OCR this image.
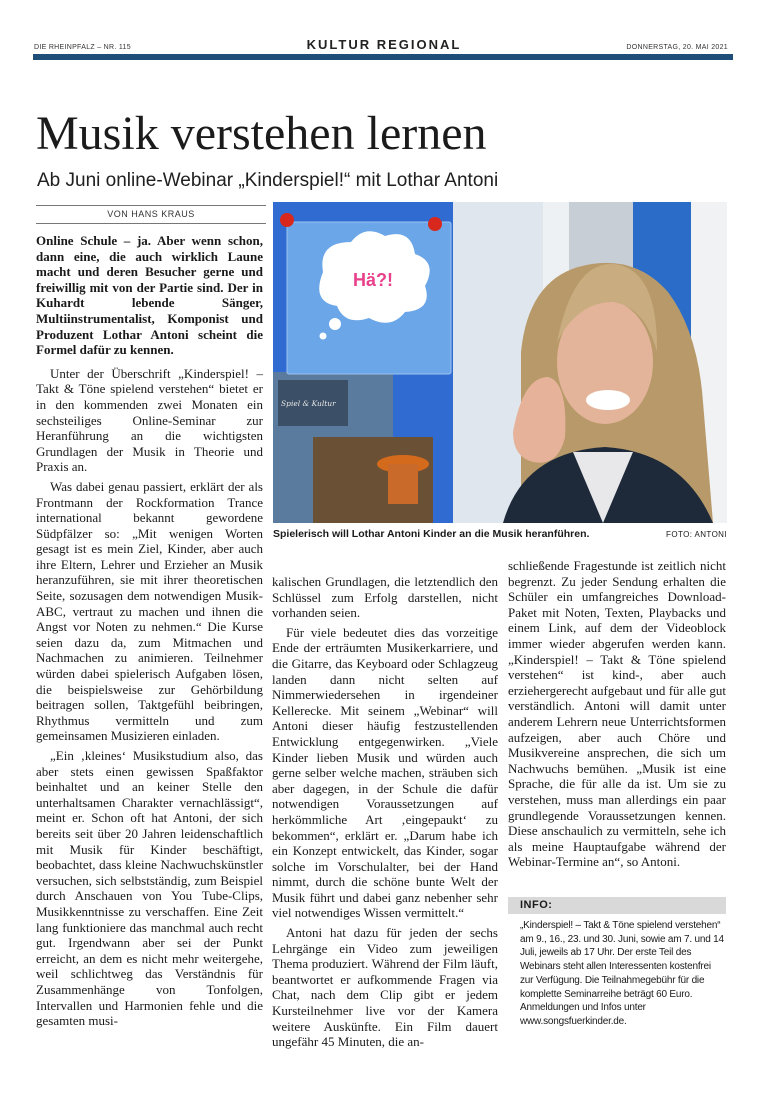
DIE RHEINPFALZ – NR. 115	KULTUR REGIONAL	DONNERSTAG, 20. MAI 2021
Musik verstehen lernen
Ab Juni online-Webinar „Kinderspiel!“ mit Lothar Antoni
VON HANS KRAUS

Online Schule – ja. Aber wenn schon, dann eine, die auch wirklich Laune macht und deren Besucher gerne und freiwillig mit von der Partie sind. Der in Kuhardt lebende Sänger, Multiinstrumentalist, Komponist und Produzent Lothar Antoni scheint die Formel dafür zu kennen.

Unter der Überschrift „Kinderspiel! – Takt & Töne spielend verstehen“ bietet er in den kommenden zwei Monaten ein sechsteiliges Online-Seminar zur Heranführung an die wichtigsten Grundlagen der Musik in Theorie und Praxis an.

Was dabei genau passiert, erklärt der als Frontmann der Rockformation Trance international bekannt gewordene Südpfälzer so: „Mit wenigen Worten gesagt ist es mein Ziel, Kinder, aber auch ihre Eltern, Lehrer und Erzieher an Musik heranzuführen, sie mit ihrer theoretischen Seite, sozusagen dem notwendigen Musik-ABC, vertraut zu machen und ihnen die Angst vor Noten zu nehmen.“ Die Kurse seien dazu da, zum Mitmachen und Nachmachen zu animieren. Teilnehmer würden dabei spielerisch Aufgaben lösen, die beispielsweise zur Gehörbildung beitragen sollen, Taktgefühl beibringen, Rhythmus vermitteln und zum gemeinsamen Musizieren einladen.

„Ein ‚kleines‘ Musikstudium also, das aber stets einen gewissen Spaßfaktor beinhaltet und an keiner Stelle den unterhaltsamen Charakter vernachlässigt“, meint er. Schon oft hat Antoni, der sich bereits seit über 20 Jahren leidenschaftlich mit Musik für Kinder beschäftigt, beobachtet, dass kleine Nachwuchskünstler versuchen, sich selbstständig, zum Beispiel durch Anschauen von You Tube-Clips, Musikkenntnisse zu verschaffen. Eine Zeit lang funktioniere das manchmal auch recht gut. Irgendwann aber sei der Punkt erreicht, an dem es nicht mehr weitergehe, weil schlichtweg das Verständnis für Zusammenhänge von Tonfolgen, Intervallen und Harmonien fehle und die gesamten musi-

Hä?!
Spiel & Kultur
Spielerisch will Lothar Antoni Kinder an die Musik heranführen.	FOTO: ANTONI

kalischen Grundlagen, die letztendlich den Schlüssel zum Erfolg darstellen, nicht vorhanden seien.

Für viele bedeutet dies das vorzeitige Ende der erträumten Musikerkarriere, und die Gitarre, das Keyboard oder Schlagzeug landen dann nicht selten auf Nimmerwiedersehen in irgendeiner Kellerecke. Mit seinem „Webinar“ will Antoni dieser häufig festzustellenden Entwicklung entgegenwirken. „Viele Kinder lieben Musik und würden auch gerne selber welche machen, sträuben sich aber dagegen, in der Schule die dafür notwendigen Voraussetzungen auf herkömmliche Art ‚eingepaukt‘ zu bekommen“, erklärt er. „Darum habe ich ein Konzept entwickelt, das Kinder, sogar solche im Vorschulalter, bei der Hand nimmt, durch die schöne bunte Welt der Musik führt und dabei ganz nebenher sehr viel notwendiges Wissen vermittelt.“

Antoni hat dazu für jeden der sechs Lehrgänge ein Video zum jeweiligen Thema produziert. Während der Film läuft, beantwortet er aufkommende Fragen via Chat, nach dem Clip gibt er jedem Kursteilnehmer live vor der Kamera weitere Auskünfte. Ein Film dauert ungefähr 45 Minuten, die an-

schließende Fragestunde ist zeitlich nicht begrenzt. Zu jeder Sendung erhalten die Schüler ein umfangreiches Download-Paket mit Noten, Texten, Playbacks und einem Link, auf dem der Videoblock immer wieder abgerufen werden kann. „Kinderspiel! – Takt & Töne spielend verstehen“ ist kind-, aber auch erziehergerecht aufgebaut und für alle gut verständlich. Antoni will damit unter anderem Lehrern neue Unterrichtsformen aufzeigen, aber auch Chöre und Musikvereine ansprechen, die sich um Nachwuchs bemühen. „Musik ist eine Sprache, die für alle da ist. Um sie zu verstehen, muss man allerdings ein paar grundlegende Voraussetzungen kennen. Diese anschaulich zu vermitteln, sehe ich als meine Hauptaufgabe während der Webinar-Termine an“, so Antoni.

INFO:
„Kinderspiel! – Takt & Töne spielend verstehen“ am 9., 16., 23. und 30. Juni, sowie am 7. und 14 Juli, jeweils ab 17 Uhr. Der erste Teil des Webinars steht allen Interessenten kostenfrei zur Verfügung. Die Teilnahmegebühr für die komplette Seminarreihe beträgt 60 Euro. Anmeldungen und Infos unter www.songsfuerkinder.de.
